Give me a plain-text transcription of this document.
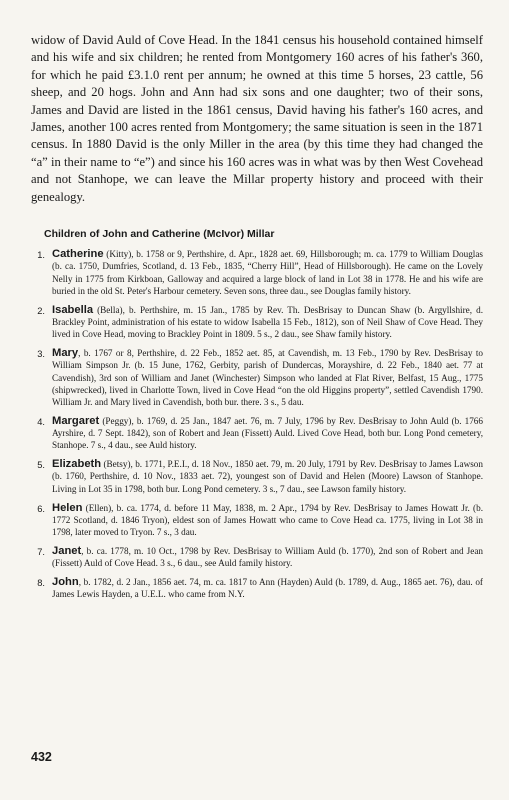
widow of David Auld of Cove Head. In the 1841 census his household contained himself and his wife and six children; he rented from Montgomery 160 acres of his father's 360, for which he paid £3.1.0 rent per annum; he owned at this time 5 horses, 23 cattle, 56 sheep, and 20 hogs. John and Ann had six sons and one daughter; two of their sons, James and David are listed in the 1861 census, David having his father's 160 acres, and James, another 100 acres rented from Montgomery; the same situation is seen in the 1871 census. In 1880 David is the only Miller in the area (by this time they had changed the “a” in their name to “e”) and since his 160 acres was in what was by then West Covehead and not Stanhope, we can leave the Millar property history and proceed with their genealogy.

Children of John and Catherine (McIvor) Millar
1. Catherine (Kitty), b. 1758 or 9, Perthshire, d. Apr., 1828 aet. 69, Hillsborough; m. ca. 1779 to William Douglas (b. ca. 1750, Dumfries, Scotland, d. 13 Feb., 1835, “Cherry Hill”, Head of Hillsborough). He came on the Lovely Nelly in 1775 from Kirkboan, Galloway and acquired a large block of land in Lot 38 in 1778. He and his wife are buried in the old St. Peter's Harbour cemetery. Seven sons, three dau., see Douglas family history.
2. Isabella (Bella), b. Perthshire, m. 15 Jan., 1785 by Rev. Th. DesBrisay to Duncan Shaw (b. Argyllshire, d. Brackley Point, administration of his estate to widow Isabella 15 Feb., 1812), son of Neil Shaw of Cove Head. They lived in Cove Head, moving to Brackley Point in 1809. 5 s., 2 dau., see Shaw family history.
3. Mary, b. 1767 or 8, Perthshire, d. 22 Feb., 1852 aet. 85, at Cavendish, m. 13 Feb., 1790 by Rev. DesBrisay to William Simpson Jr. (b. 15 June, 1762, Gerbity, parish of Dundercas, Morayshire, d. 22 Feb., 1840 aet. 77 at Cavendish), 3rd son of William and Janet (Winchester) Simpson who landed at Flat River, Belfast, 15 Aug., 1775 (shipwrecked), lived in Charlotte Town, lived in Cove Head “on the old Higgins property”, settled Cavendish 1790. William Jr. and Mary lived in Cavendish, both bur. there. 3 s., 5 dau.
4. Margaret (Peggy), b. 1769, d. 25 Jan., 1847 aet. 76, m. 7 July, 1796 by Rev. DesBrisay to John Auld (b. 1766 Ayrshire, d. 7 Sept. 1842), son of Robert and Jean (Fissett) Auld. Lived Cove Head, both bur. Long Pond cemetery, Stanhope. 7 s., 4 dau., see Auld history.
5. Elizabeth (Betsy), b. 1771, P.E.I., d. 18 Nov., 1850 aet. 79, m. 20 July, 1791 by Rev. DesBrisay to James Lawson (b. 1760, Perthshire, d. 10 Nov., 1833 aet. 72), youngest son of David and Helen (Moore) Lawson of Stanhope. Living in Lot 35 in 1798, both bur. Long Pond cemetery. 3 s., 7 dau., see Lawson family history.
6. Helen (Ellen), b. ca. 1774, d. before 11 May, 1838, m. 2 Apr., 1794 by Rev. DesBrisay to James Howatt Jr. (b. 1772 Scotland, d. 1846 Tryon), eldest son of James Howatt who came to Cove Head ca. 1775, living in Lot 38 in 1798, later moved to Tryon. 7 s., 3 dau.
7. Janet, b. ca. 1778, m. 10 Oct., 1798 by Rev. DesBrisay to William Auld (b. 1770), 2nd son of Robert and Jean (Fissett) Auld of Cove Head. 3 s., 6 dau., see Auld family history.
8. John, b. 1782, d. 2 Jan., 1856 aet. 74, m. ca. 1817 to Ann (Hayden) Auld (b. 1789, d. Aug., 1865 aet. 76), dau. of James Lewis Hayden, a U.E.L. who came from N.Y.
432
